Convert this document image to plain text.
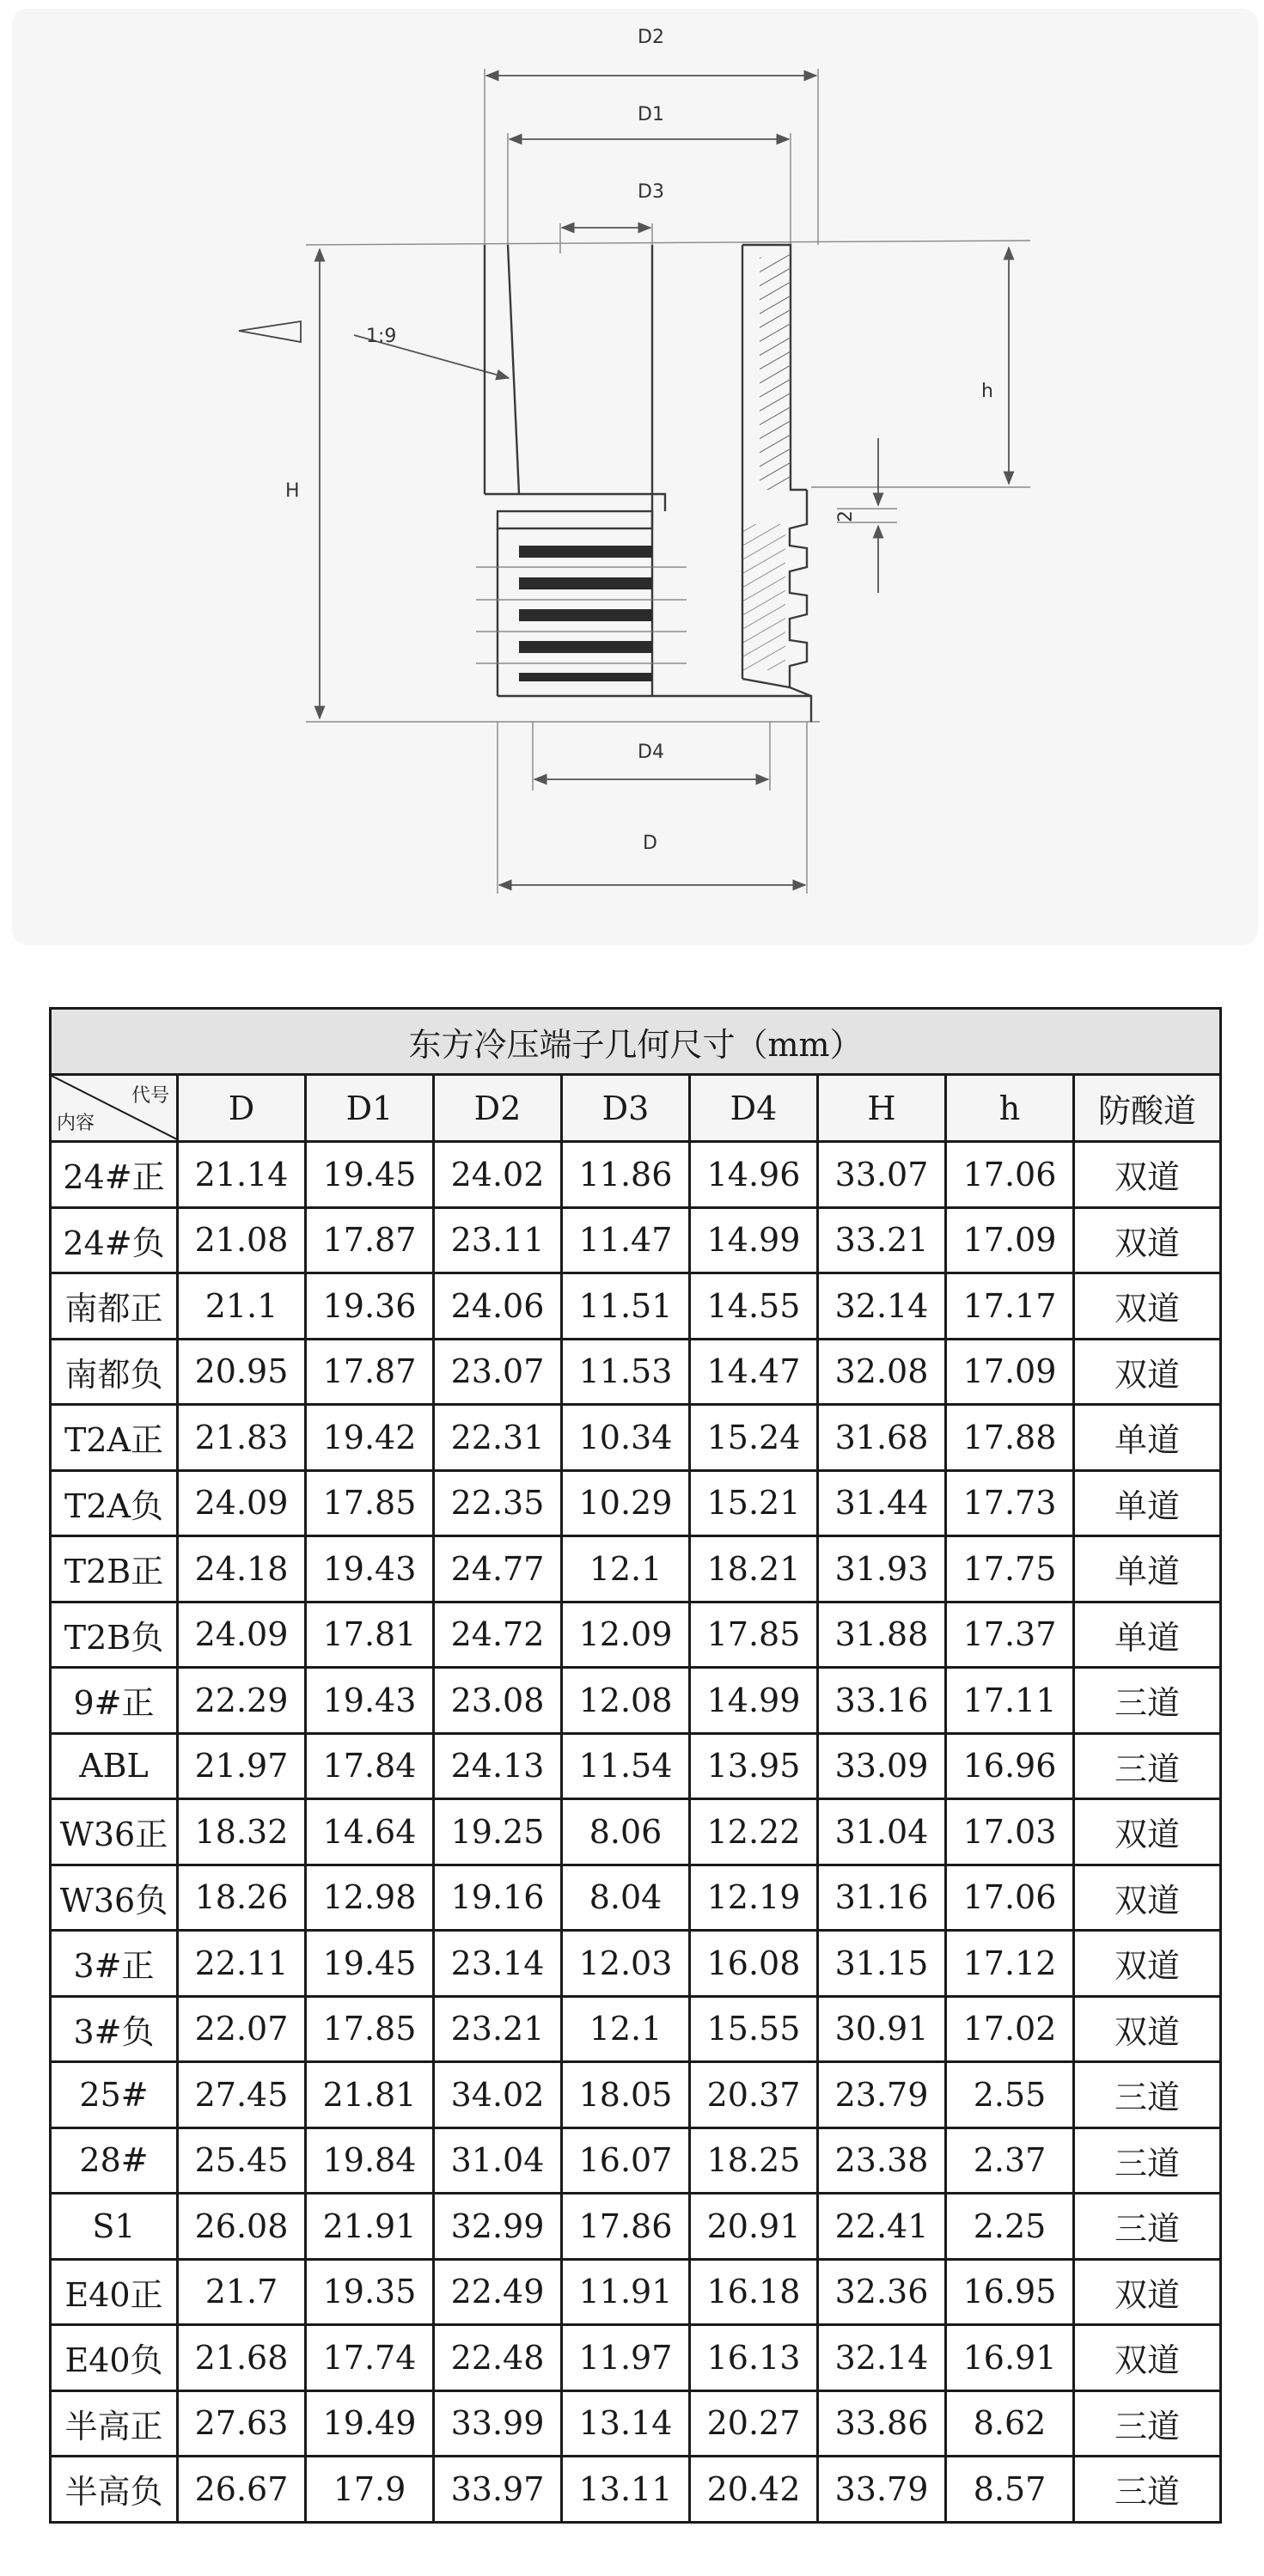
D2
D1
D3
h
H
1:9
2
D4
D
东方冷压端子几何尺寸（mm）								

代号
内容	D	D1	D2	D3	D4	H	h	防酸道
24#正	21.14	19.45	24.02	11.86	14.96	33.07	17.06	双道
24#负	21.08	17.87	23.11	11.47	14.99	33.21	17.09	双道
南都正	21.1	19.36	24.06	11.51	14.55	32.14	17.17	双道
南都负	20.95	17.87	23.07	11.53	14.47	32.08	17.09	双道
T2A正	21.83	19.42	22.31	10.34	15.24	31.68	17.88	单道
T2A负	24.09	17.85	22.35	10.29	15.21	31.44	17.73	单道
T2B正	24.18	19.43	24.77	12.1	18.21	31.93	17.75	单道
T2B负	24.09	17.81	24.72	12.09	17.85	31.88	17.37	单道
9#正	22.29	19.43	23.08	12.08	14.99	33.16	17.11	三道
ABL	21.97	17.84	24.13	11.54	13.95	33.09	16.96	三道
W36正	18.32	14.64	19.25	8.06	12.22	31.04	17.03	双道
W36负	18.26	12.98	19.16	8.04	12.19	31.16	17.06	双道
3#正	22.11	19.45	23.14	12.03	16.08	31.15	17.12	双道
3#负	22.07	17.85	23.21	12.1	15.55	30.91	17.02	双道
25#	27.45	21.81	34.02	18.05	20.37	23.79	2.55	三道
28#	25.45	19.84	31.04	16.07	18.25	23.38	2.37	三道
S1	26.08	21.91	32.99	17.86	20.91	22.41	2.25	三道
E40正	21.7	19.35	22.49	11.91	16.18	32.36	16.95	双道
E40负	21.68	17.74	22.48	11.97	16.13	32.14	16.91	双道
半高正	27.63	19.49	33.99	13.14	20.27	33.86	8.62	三道
半高负	26.67	17.9	33.97	13.11	20.42	33.79	8.57	三道
